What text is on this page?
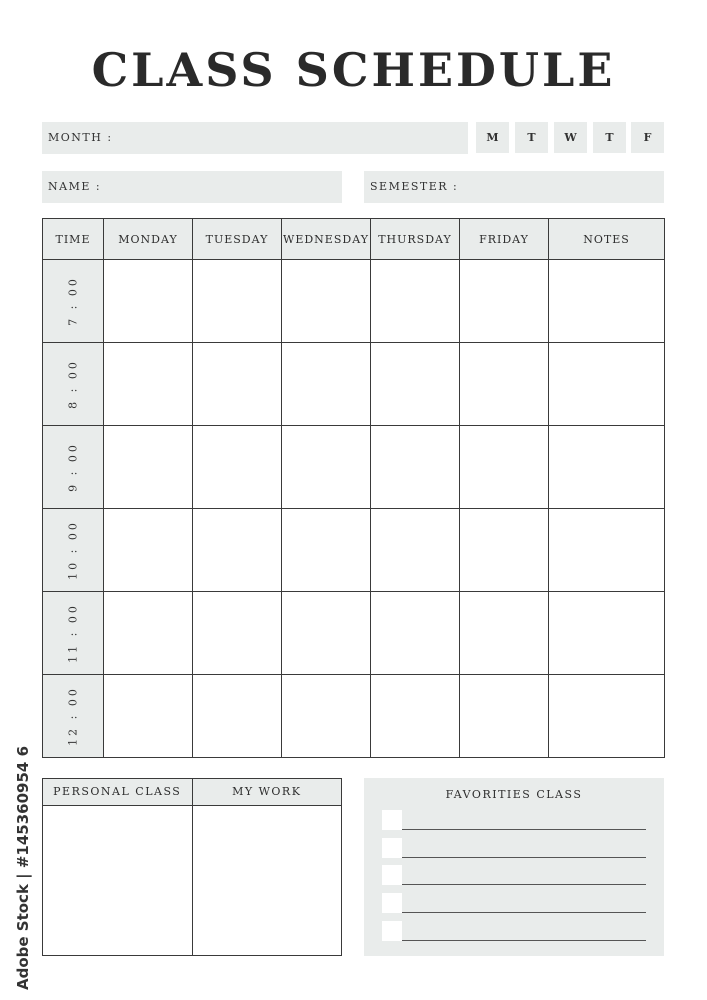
CLASS SCHEDULE
MONTH :	M	T	W	T	F
NAME :	SEMESTER :
TIME	MONDAY	TUESDAY	WEDNESDAY	THURSDAY	FRIDAY	NOTES

7 : 00						

8 : 00						

9 : 00						

10 : 00						

11 : 00						

12 : 00						

PERSONAL CLASS	MY WORK	FAVORITIES CLASS
Adobe Stock | #145360954 6
